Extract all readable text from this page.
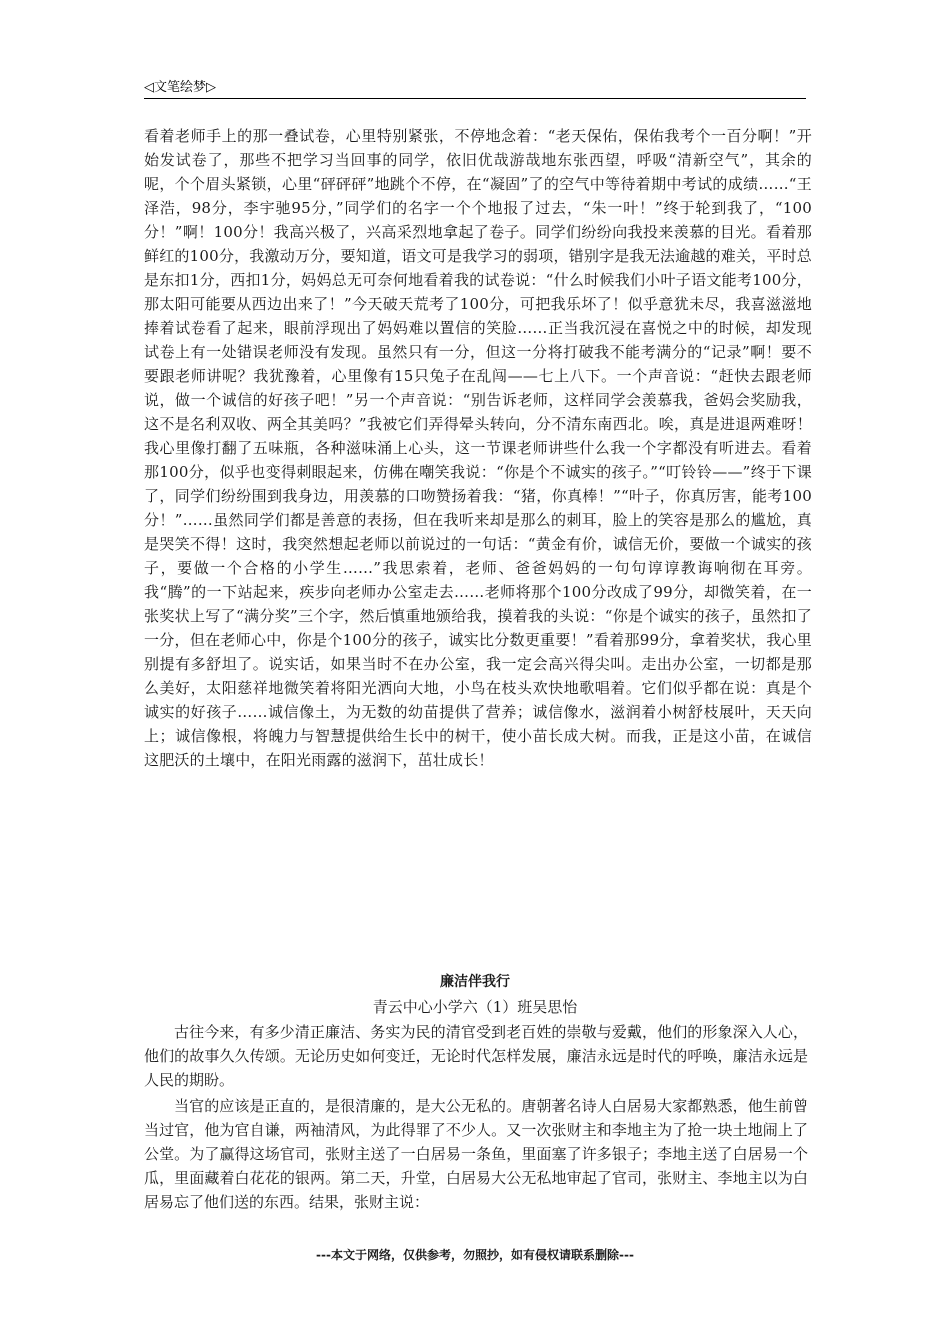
◁文笔绘梦▷
看着老师手上的那一叠试卷，心里特别紧张，不停地念着：“老天保佑，保佑我考个一百分啊！”开始发试卷了，那些不把学习当回事的同学，依旧优哉游哉地东张西望，呼吸“清新空气”，其余的呢，个个眉头紧锁，心里“砰砰砰”地跳个不停，在“凝固”了的空气中等待着期中考试的成绩……“王泽浩，98分，李宇驰95分，”同学们的名字一个个地报了过去，“朱一叶！”终于轮到我了，“100分！”啊！100分！我高兴极了，兴高采烈地拿起了卷子。同学们纷纷向我投来羡慕的目光。看着那鲜红的100分，我激动万分，要知道，语文可是我学习的弱项，错别字是我无法逾越的难关，平时总是东扣1分，西扣1分，妈妈总无可奈何地看着我的试卷说：“什么时候我们小叶子语文能考100分，那太阳可能要从西边出来了！”今天破天荒考了100分，可把我乐坏了！似乎意犹未尽，我喜滋滋地捧着试卷看了起来，眼前浮现出了妈妈难以置信的笑脸……正当我沉浸在喜悦之中的时候，却发现试卷上有一处错误老师没有发现。虽然只有一分，但这一分将打破我不能考满分的“记录”啊！要不要跟老师讲呢？我犹豫着，心里像有15只兔子在乱闯——七上八下。一个声音说：“赶快去跟老师说，做一个诚信的好孩子吧！”另一个声音说：“别告诉老师，这样同学会羡慕我，爸妈会奖励我，这不是名利双收、两全其美吗？”我被它们弄得晕头转向，分不清东南西北。唉，真是进退两难呀！我心里像打翻了五味瓶，各种滋味涌上心头，这一节课老师讲些什么我一个字都没有听进去。看着那100分，似乎也变得刺眼起来，仿佛在嘲笑我说：“你是个不诚实的孩子。”“叮铃铃——”终于下课了，同学们纷纷围到我身边，用羡慕的口吻赞扬着我：“猪，你真棒！”“叶子，你真厉害，能考100分！”……虽然同学们都是善意的表扬，但在我听来却是那么的刺耳，脸上的笑容是那么的尴尬，真是哭笑不得！这时，我突然想起老师以前说过的一句话：“黄金有价，诚信无价，要做一个诚实的孩子，要做一个合格的小学生……”我思索着，老师、爸爸妈妈的一句句谆谆教诲响彻在耳旁。我“腾”的一下站起来，疾步向老师办公室走去……老师将那个100分改成了99分，却微笑着，在一张奖状上写了“满分奖”三个字，然后慎重地颁给我，摸着我的头说：“你是个诚实的孩子，虽然扣了一分，但在老师心中，你是个100分的孩子，诚实比分数更重要！”看着那99分，拿着奖状，我心里别提有多舒坦了。说实话，如果当时不在办公室，我一定会高兴得尖叫。走出办公室，一切都是那么美好，太阳慈祥地微笑着将阳光洒向大地，小鸟在枝头欢快地歌唱着。它们似乎都在说：真是个诚实的好孩子……诚信像土，为无数的幼苗提供了营养；诚信像水，滋润着小树舒枝展叶，天天向上；诚信像根，将魄力与智慧提供给生长中的树干，使小苗长成大树。而我，正是这小苗，在诚信这肥沃的土壤中，在阳光雨露的滋润下，茁壮成长！
廉洁伴我行
青云中心小学六（1）班吴思怡

古往今来，有多少清正廉洁、务实为民的清官受到老百姓的崇敬与爱戴，他们的形象深入人心，他们的故事久久传颂。无论历史如何变迁，无论时代怎样发展，廉洁永远是时代的呼唤，廉洁永远是人民的期盼。

当官的应该是正直的，是很清廉的，是大公无私的。唐朝著名诗人白居易大家都熟悉，他生前曾当过官，他为官自谦，两袖清风，为此得罪了不少人。又一次张财主和李地主为了抢一块土地闹上了公堂。为了赢得这场官司，张财主送了一白居易一条鱼，里面塞了许多银子；李地主送了白居易一个瓜，里面藏着白花花的银两。第二天，升堂，白居易大公无私地审起了官司，张财主、李地主以为白居易忘了他们送的东西。结果，张财主说：

---本文于网络，仅供参考，勿照抄，如有侵权请联系删除---
